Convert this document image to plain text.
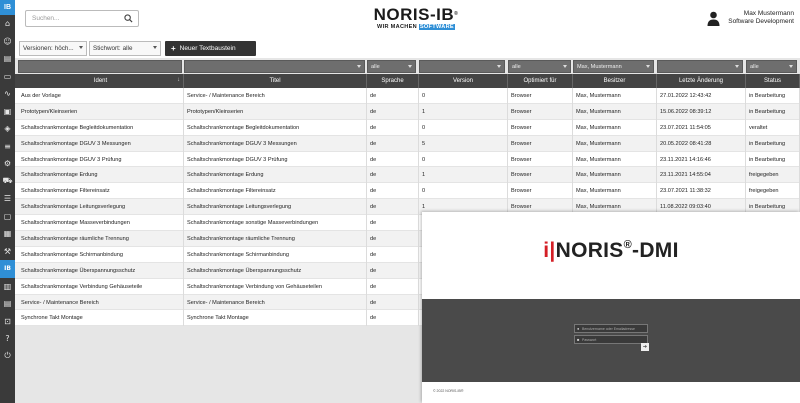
IB
⌂
☺
▤
▭
∿
▣
◈
≡
⚙
⛟
☰
▢
▦
⚒
IB
▥
▤
⊡
?
⏻
Suchen...
NORIS-IB®
WIR MACHEN SOFTWARE
Max Mustermann
Software Development
Versionen: höch...	Stichwort: alle	+ Neuer Textbaustein
alle	alle	Max, Mustermann	alle
Ident	↓	Titel	Sprache	Version	Optimiert für	Besitzer	Letzte Änderung	Status
Aus der Vorlage	Service- / Maintenance Bereich	de	0	Browser	Max, Mustermann	27.01.2022 12:43:42	in Bearbeitung
Prototypen/Kleinserien	Prototypen/Kleinserien	de	1	Browser	Max, Mustermann	15.06.2022 08:39:12	in Bearbeitung
Schaltschrankmontage Begleitdokumentation	Schaltschrankmontage Begleitdokumentation	de	0	Browser	Max, Mustermann	23.07.2021 11:54:05	veraltet
Schaltschrankmontage DGUV 3 Messungen	Schaltschrankmontage DGUV 3 Messungen	de	5	Browser	Max, Mustermann	20.05.2022 08:41:28	in Bearbeitung
Schaltschrankmontage DGUV 3 Prüfung	Schaltschrankmontage DGUV 3 Prüfung	de	0	Browser	Max, Mustermann	23.11.2021 14:16:46	in Bearbeitung
Schaltschrankmontage Erdung	Schaltschrankmontage Erdung	de	1	Browser	Max, Mustermann	23.11.2021 14:55:04	freigegeben
Schaltschrankmontage Filtereinsatz	Schaltschrankmontage Filtereinsatz	de	0	Browser	Max, Mustermann	23.07.2021 11:38:32	freigegeben
Schaltschrankmontage Leitungsverlegung	Schaltschrankmontage Leitungsverlegung	de	1	Browser	Max, Mustermann	11.08.2022 09:03:40	in Bearbeitung
Schaltschrankmontage Masseverbindungen	Schaltschrankmontage sonstige Masseverbindungen	de
Schaltschrankmontage räumliche Trennung	Schaltschrankmontage räumliche Trennung	de
Schaltschrankmontage Schirmanbindung	Schaltschrankmontage Schirmanbindung	de
Schaltschrankmontage Überspannungsschutz	Schaltschrankmontage Überspannungsschutz	de
Schaltschrankmontage Verbindung Gehäuseteile	Schaltschrankmontage Verbindung von Gehäuseteilen	de
Service- / Maintenance Bereich	Service- / Maintenance Bereich	de
Synchrone Takt Montage	Synchrone Takt Montage	de
i|NORIS®-DMI
● Benutzername oder Emailadresse
■ Passwort
➔
© 2022 NORIS-IB®
